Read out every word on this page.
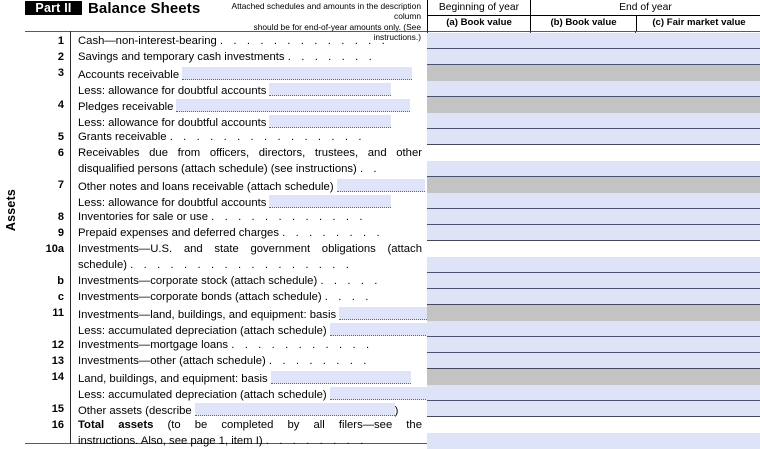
Part II	Balance Sheets	Attached schedules and amounts in the description column
should be for end-of-year amounts only. (See instructions.)
Beginning of year
(a) Book value
End of year
(b) Book value	(c) Fair market value
Assets
1 Cash—non-interest-bearing . . . . . . . . . . . . .
2 Savings and temporary cash investments . . . . . . .
3 Accounts receivable
Less: allowance for doubtful accounts
4 Pledges receivable
Less: allowance for doubtful accounts
5 Grants receivable . . . . . . . . . . . . . . .
6 Receivables due from officers, directors, trustees, and other
disqualified persons (attach schedule) (see instructions) . .
7 Other notes and loans receivable (attach schedule)
Less: allowance for doubtful accounts
8 Inventories for sale or use . . . . . . . . . . . .
9 Prepaid expenses and deferred charges . . . . . . . .
10a Investments—U.S. and state government obligations (attach
schedule) . . . . . . . . . . . . . . . . .
b Investments—corporate stock (attach schedule) . . . . .
c Investments—corporate bonds (attach schedule) . . . .
11 Investments—land, buildings, and equipment: basis
Less: accumulated depreciation (attach schedule)
12 Investments—mortgage loans . . . . . . . . . . .
13 Investments—other (attach schedule) . . . . . . . .
14 Land, buildings, and equipment: basis
Less: accumulated depreciation (attach schedule)
15 Other assets (describe	)
16 Total assets (to be completed by all filers—see the
instructions. Also, see page 1, item I) . . . . . . . .
